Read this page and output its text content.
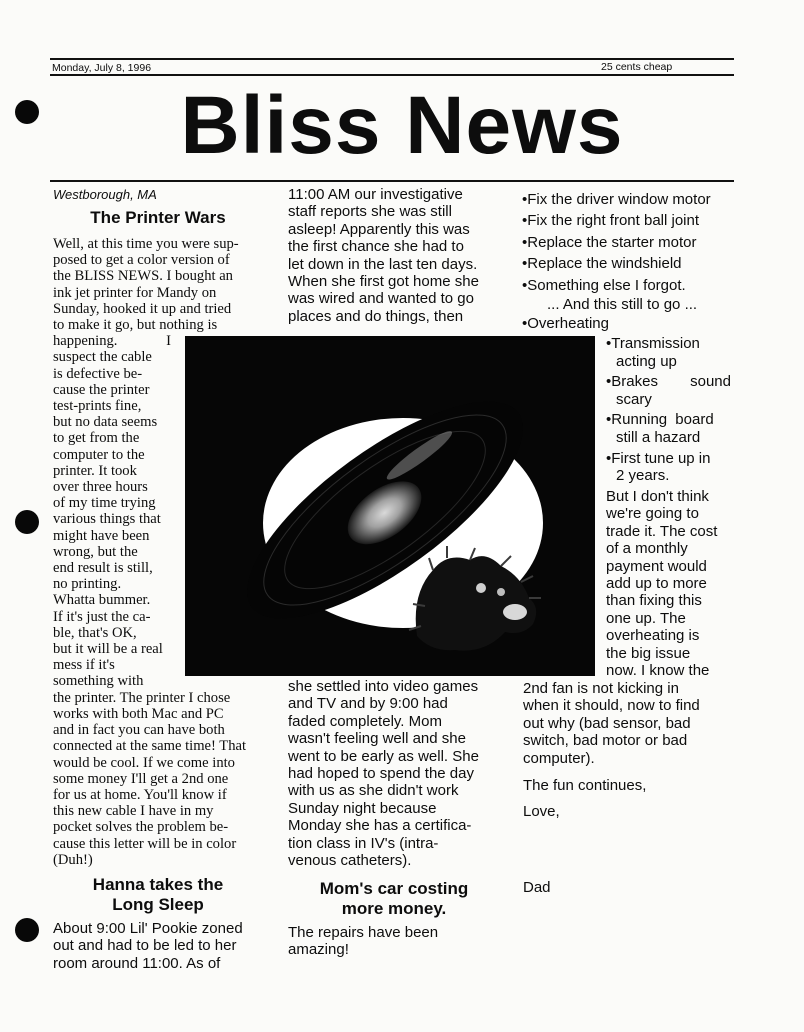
Monday, July 8, 1996	25 cents cheap
Bliss News
Westborough, MA
The Printer Wars
Well, at this time you were sup-
posed to get a color version of
the BLISS NEWS. I bought an
ink jet printer for Mandy on
Sunday, hooked it up and tried
to make it go, but nothing is
happening.	I
suspect the cable
is defective be-
cause the printer
test-prints fine,
but no data seems
to get from the
computer to the
printer. It took
over three hours
of my time trying
various things that
might have been
wrong, but the
end result is still,
no printing.
Whatta bummer.
If it's just the ca-
ble, that's OK,
but it will be a real
mess if it's
something with
the printer. The printer I chose
works with both Mac and PC
and in fact you can have both
connected at the same time! That
would be cool. If we come into
some money I'll get a 2nd one
for us at home. You'll know if
this new cable I have in my
pocket solves the problem be-
cause this letter will be in color
(Duh!)
Hanna takes the
Long Sleep
About 9:00 Lil' Pookie zoned
out and had to be led to her
room around 11:00. As of
11:00 AM our investigative
staff reports she was still
asleep! Apparently this was
the first chance she had to
let down in the last ten days.
When she first got home she
was wired and wanted to go
places and do things, then
she settled into video games
and TV and by 9:00 had
faded completely. Mom
wasn't feeling well and she
went to be early as well. She
had hoped to spend the day
with us as she didn't work
Sunday night because
Monday she has a certifica-
tion class in IV's (intra-
venous catheters).
Mom's car costing
more money.
The repairs have been
amazing!
• Fix the driver window motor
• Fix the right front ball joint
• Replace the starter motor
• Replace the windshield
• Something else I forgot.
... And this still to go ...
• Overheating
• Transmission
acting up
• Brakes sound
scary
• Running board
still a hazard
• First tune up in
2 years.
But I don't think
we're going to
trade it. The cost
of a monthly
payment would
add up to more
than fixing this
one up. The
overheating is
the big issue
now. I know the
2nd fan is not kicking in
when it should, now to find
out why (bad sensor, bad
switch, bad motor or bad
computer).
The fun continues,
Love,
Dad
